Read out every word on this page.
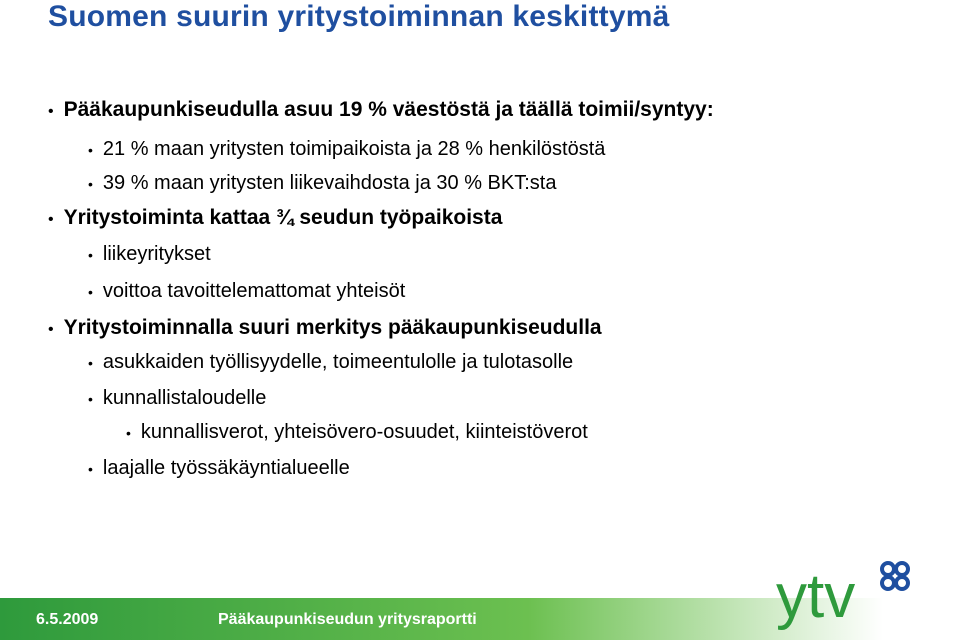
Suomen suurin yritystoiminnan keskittymä
• Pääkaupunkiseudulla asuu 19 % väestöstä ja täällä toimii/syntyy:
• 21 % maan yritysten toimipaikoista ja 28 % henkilöstöstä
• 39 % maan yritysten liikevaihdosta ja 30 % BKT:sta
• Yritystoiminta kattaa ¾ seudun työpaikoista
• liikeyritykset
• voittoa tavoittelemattomat yhteisöt
• Yritystoiminnalla suuri merkitys pääkaupunkiseudulla
• asukkaiden työllisyydelle, toimeentulolle ja tulotasolle
• kunnallistaloudelle
• kunnallisverot, yhteisövero-osuudet, kiinteistöverot
• laajalle työssäkäyntialueelle
6.5.2009	Pääkaupunkiseudun yritysraportti	ytv
